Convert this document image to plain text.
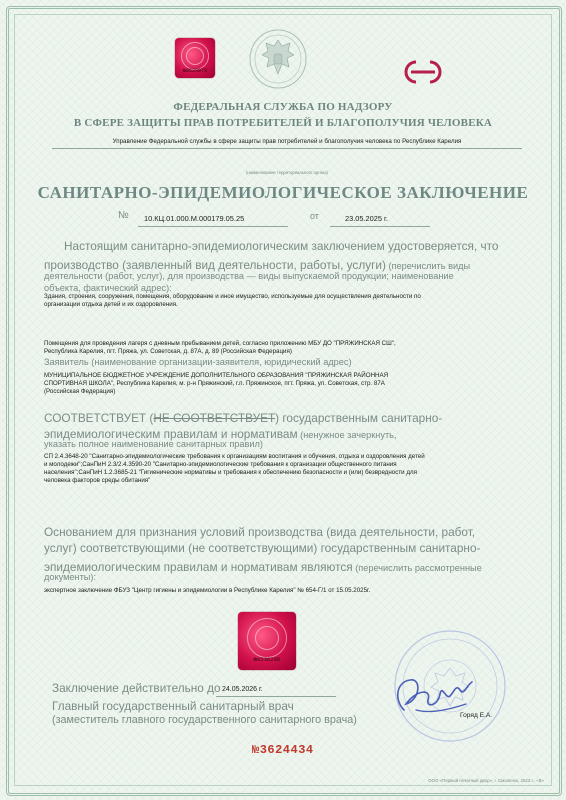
№0529873
ФЕДЕРАЛЬНАЯ СЛУЖБА ПО НАДЗОРУ
В СФЕРЕ ЗАЩИТЫ ПРАВ ПОТРЕБИТЕЛЕЙ И БЛАГОПОЛУЧИЯ ЧЕЛОВЕКА
Управление Федеральной службы в сфере защиты прав потребителей и благополучия человека по Республике Карелия
(наименование территориального органа)
САНИТАРНО-ЭПИДЕМИОЛОГИЧЕСКОЕ ЗАКЛЮЧЕНИЕ
№ 10.КЦ.01.000.М.000179.05.25	от	23.05.2025 г.
Настоящим санитарно-эпидемиологическим заключением удостоверяется, что
производство (заявленный вид деятельности, работы, услуги) (перечислить виды
деятельности (работ, услуг), для производства — виды выпускаемой продукции; наименование
объекта, фактический адрес):
Здания, строения, сооружения, помещения, оборудование и иное имущество, используемые для осуществления деятельности по
организации отдыха детей и их оздоровления.
Помещения для проведения лагеря с дневным пребыванием детей, согласно приложению МБУ ДО "ПРЯЖИНСКАЯ СШ",
Республика Карелия, пгт. Пряжа, ул. Советская, д. 87А, д. 89 (Российская Федерация)
Заявитель (наименование организации-заявителя, юридический адрес)
МУНИЦИПАЛЬНОЕ БЮДЖЕТНОЕ УЧРЕЖДЕНИЕ ДОПОЛНИТЕЛЬНОГО ОБРАЗОВАНИЯ "ПРЯЖИНСКАЯ РАЙОННАЯ
СПОРТИВНАЯ ШКОЛА", Республика Карелия, м. р-н Пряжинский, г.п. Пряжинское, пгт. Пряжа, ул. Советская, стр. 87А
(Российская Федерация)
СООТВЕТСТВУЕТ (НЕ СООТВЕТСТВУЕТ) государственным санитарно-
эпидемиологическим правилам и нормативам (ненужное зачеркнуть,
указать полное наименование санитарных правил)
СП 2.4.3648-20 "Санитарно-эпидемиологические требования к организациям воспитания и обучения, отдыха и оздоровления детей
и молодежи";СанПиН 2.3/2.4.3590-20 "Санитарно-эпидемиологические требования к организации общественного питания
населения";СанПиН 1.2.3685-21 "Гигиенические нормативы и требования к обеспечению безопасности и (или) безвредности для
человека факторов среды обитания"
Основанием для признания условий производства (вида деятельности, работ,
услуг) соответствующими (не соответствующими) государственным санитарно-
эпидемиологическим правилам и нормативам являются (перечислить рассмотренные
документы):
экспертное заключение ФБУЗ "Центр гигиены и эпидемиологии в Республике Карелия" № 654-Г/1 от 15.05.2025г.
№0536205
Заключение действительно до 24.05.2026 г.
Главный государственный санитарный врач
(заместитель главного государственного санитарного врача)	Горяд Е.А.
№3624434
ООО «Первый печатный двор», г. Смоленск, 2023 г., «В»
